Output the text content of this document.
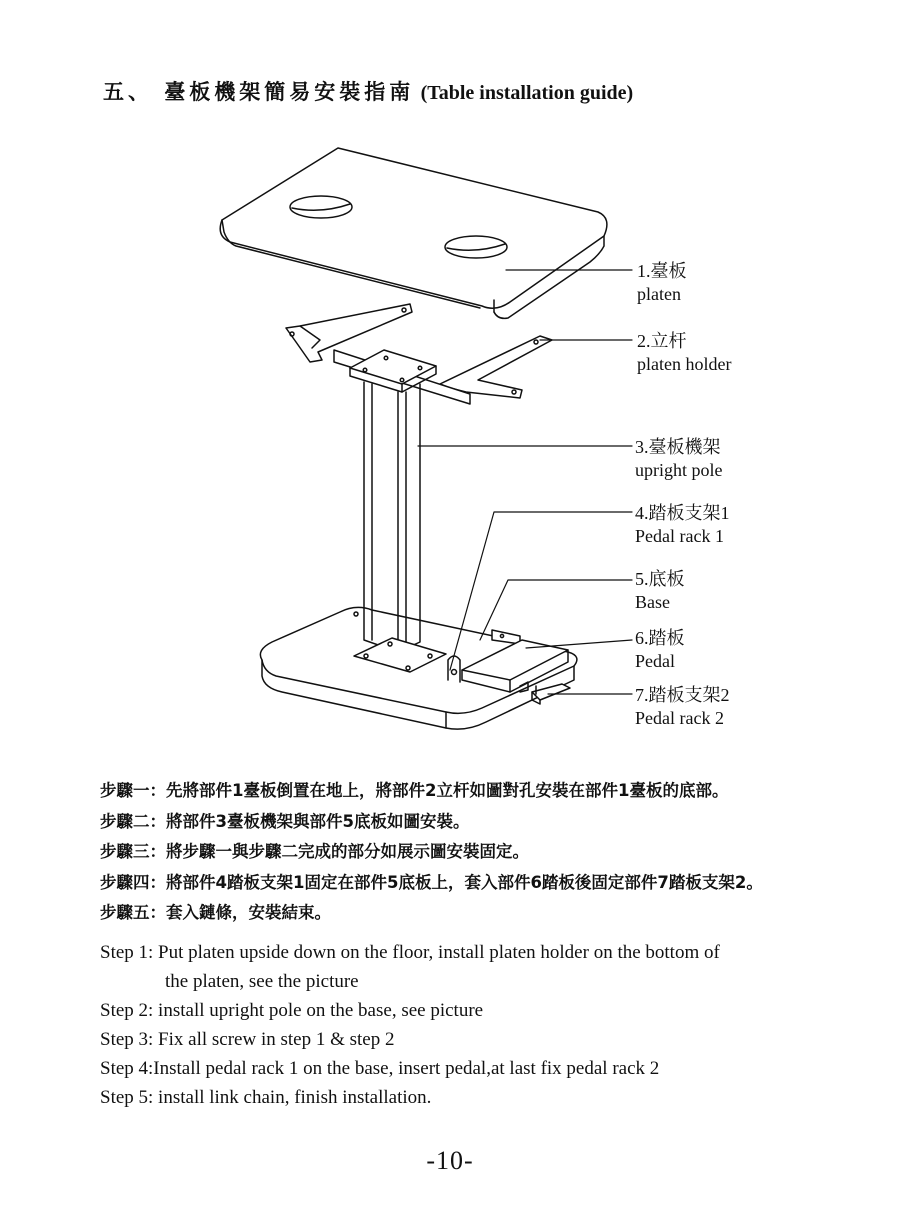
五、 臺板機架簡易安裝指南 (Table installation guide)
1.臺板
platen
2.立杆
platen holder
3.臺板機架
upright pole
4.踏板支架1
Pedal rack 1
5.底板
Base
6.踏板
Pedal
7.踏板支架2
Pedal rack 2
步驟一：先將部件1臺板倒置在地上，將部件2立杆如圖對孔安裝在部件1臺板的底部。
步驟二：將部件3臺板機架與部件5底板如圖安裝。
步驟三：將步驟一與步驟二完成的部分如展示圖安裝固定。
步驟四：將部件4踏板支架1固定在部件5底板上，套入部件6踏板後固定部件7踏板支架2。
步驟五：套入鏈條，安裝結束。
Step 1: Put platen upside down on the floor, install platen holder on the bottom of
the platen, see the picture
Step 2: install upright pole on the base, see picture
Step 3: Fix all screw in step 1 & step 2
Step 4:Install pedal rack 1 on the base, insert pedal,at last fix pedal rack 2
Step 5: install link chain, finish installation.
-10-
